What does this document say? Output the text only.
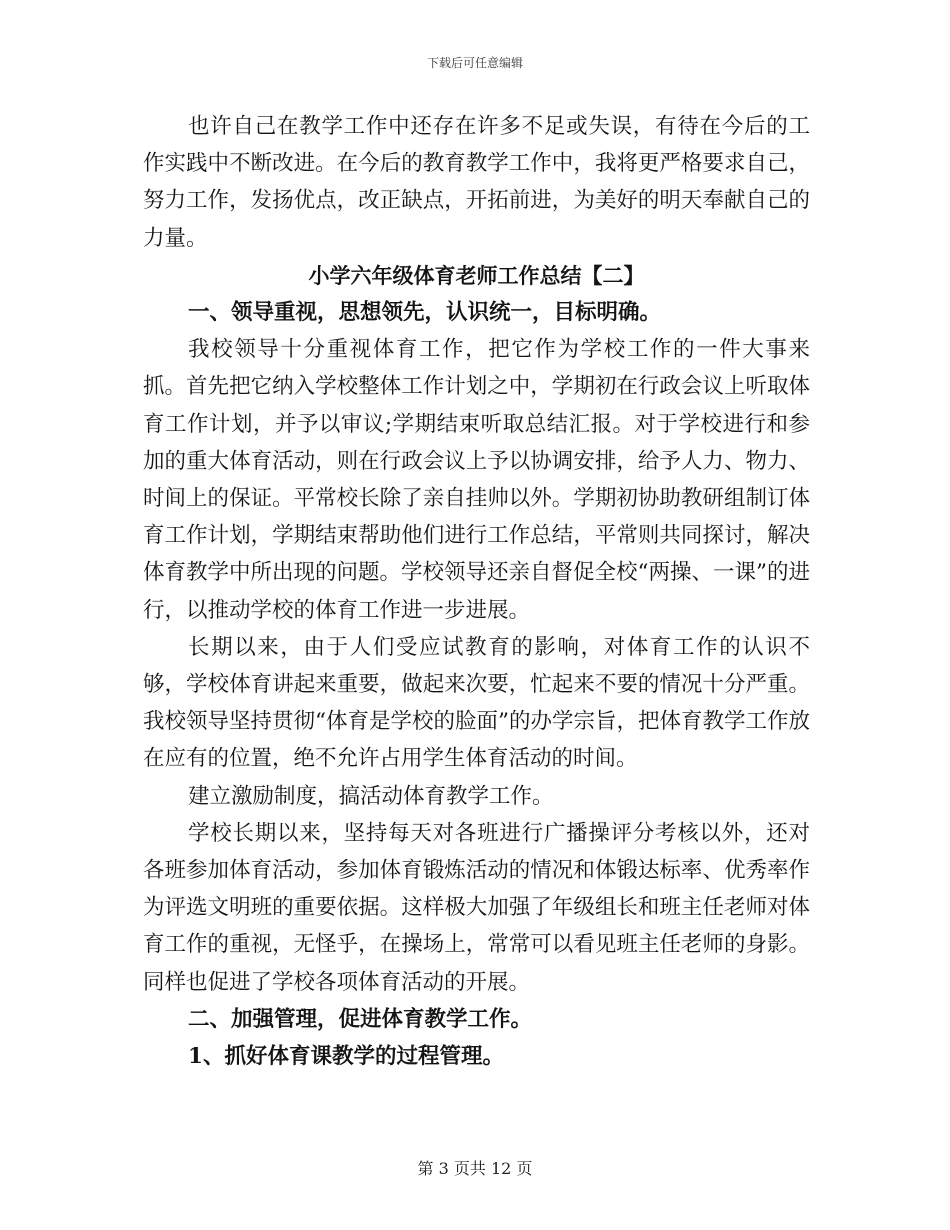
下载后可任意编辑

也许自己在教学工作中还存在许多不足或失误，有待在今后的工作实践中不断改进。在今后的教育教学工作中，我将更严格要求自己，努力工作，发扬优点，改正缺点，开拓前进，为美好的明天奉献自己的力量。

小学六年级体育老师工作总结【二】

一、领导重视，思想领先，认识统一，目标明确。

我校领导十分重视体育工作，把它作为学校工作的一件大事来抓。首先把它纳入学校整体工作计划之中，学期初在行政会议上听取体育工作计划，并予以审议;学期结束听取总结汇报。对于学校进行和参加的重大体育活动，则在行政会议上予以协调安排，给予人力、物力、时间上的保证。平常校长除了亲自挂帅以外。学期初协助教研组制订体育工作计划，学期结束帮助他们进行工作总结，平常则共同探讨，解决体育教学中所出现的问题。学校领导还亲自督促全校“两操、一课”的进行，以推动学校的体育工作进一步进展。

长期以来，由于人们受应试教育的影响，对体育工作的认识不够，学校体育讲起来重要，做起来次要，忙起来不要的情况十分严重。我校领导坚持贯彻“体育是学校的脸面”的办学宗旨，把体育教学工作放在应有的位置，绝不允许占用学生体育活动的时间。

建立激励制度，搞活动体育教学工作。

学校长期以来，坚持每天对各班进行广播操评分考核以外，还对各班参加体育活动，参加体育锻炼活动的情况和体锻达标率、优秀率作为评选文明班的重要依据。这样极大加强了年级组长和班主任老师对体育工作的重视，无怪乎，在操场上，常常可以看见班主任老师的身影。同样也促进了学校各项体育活动的开展。

二、加强管理，促进体育教学工作。

1、抓好体育课教学的过程管理。

第 3 页共 12 页
